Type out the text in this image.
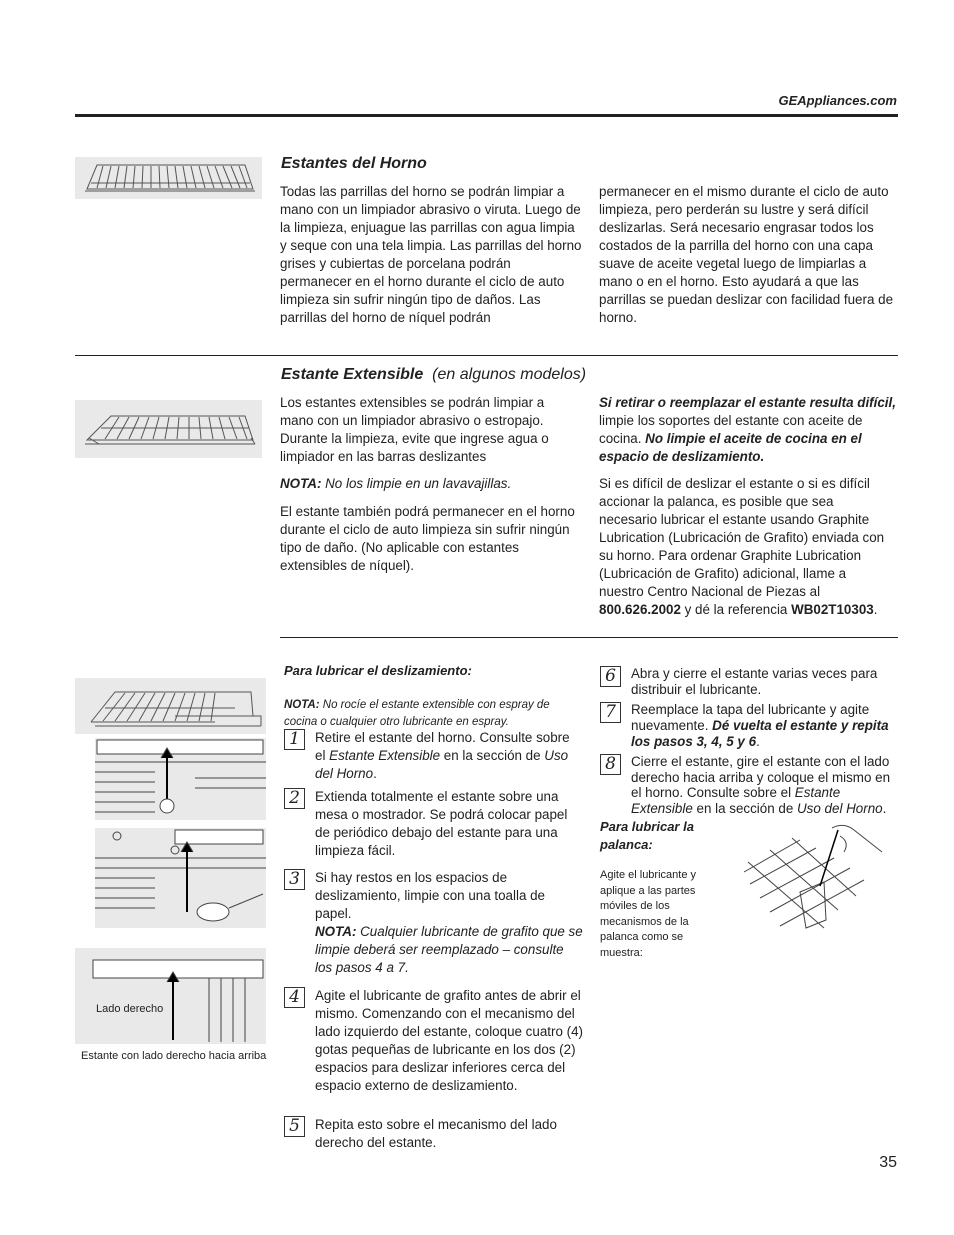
GEAppliances.com
Estantes del Horno

Todas las parrillas del horno se podrán limpiar a mano con un limpiador abrasivo o viruta. Luego de la limpieza, enjuague las parrillas con agua limpia y seque con una tela limpia. Las parrillas del horno grises y cubiertas de porcelana podrán permanecer en el horno durante el ciclo de auto limpieza sin sufrir ningún tipo de daños. Las parrillas del horno de níquel podrán

permanecer en el mismo durante el ciclo de auto limpieza, pero perderán su lustre y será difícil deslizarlas. Será necesario engrasar todos los costados de la parrilla del horno con una capa suave de aceite vegetal luego de limpiarlas a mano o en el horno. Esto ayudará a que las parrillas se puedan deslizar con facilidad fuera de horno.

Estante Extensible (en algunos modelos)

Los estantes extensibles se podrán limpiar a mano con un limpiador abrasivo o estropajo. Durante la limpieza, evite que ingrese agua o limpiador en las barras deslizantes

NOTA: No los limpie en un lavavajillas.

El estante también podrá permanecer en el horno durante el ciclo de auto limpieza sin sufrir ningún tipo de daño. (No aplicable con estantes extensibles de níquel).

Si retirar o reemplazar el estante resulta difícil, limpie los soportes del estante con aceite de cocina. No limpie el aceite de cocina en el espacio de deslizamiento.

Si es difícil de deslizar el estante o si es difícil accionar la palanca, es posible que sea necesario lubricar el estante usando Graphite Lubrication (Lubricación de Grafito) enviada con su horno. Para ordenar Graphite Lubrication (Lubricación de Grafito) adicional, llame a nuestro Centro Nacional de Piezas al 800.626.2002 y dé la referencia WB02T10303.

Lado derecho
Estante con lado derecho hacia arriba
Para lubricar el deslizamiento:

NOTA: No rocíe el estante extensible con espray de cocina o cualquier otro lubricante en espray.

1	Retire el estante del horno. Consulte sobre el Estante Extensible en la sección de Uso del Horno.

2	Extienda totalmente el estante sobre una mesa o mostrador. Se podrá colocar papel de periódico debajo del estante para una limpieza fácil.

3	Si hay restos en los espacios de deslizamiento, limpie con una toalla de papel.
NOTA: Cualquier lubricante de grafito que se limpie deberá ser reemplazado – consulte los pasos 4 a 7.

4	Agite el lubricante de grafito antes de abrir el mismo. Comenzando con el mecanismo del lado izquierdo del estante, coloque cuatro (4) gotas pequeñas de lubricante en los dos (2) espacios para deslizar inferiores cerca del espacio externo de deslizamiento.

5	Repita esto sobre el mecanismo del lado derecho del estante.

6	Abra y cierre el estante varias veces para distribuir el lubricante.

7	Reemplace la tapa del lubricante y agite nuevamente. Dé vuelta el estante y repita los pasos 3, 4, 5 y 6.

8	Cierre el estante, gire el estante con el lado derecho hacia arriba y coloque el mismo en el horno. Consulte sobre el Estante Extensible en la sección de Uso del Horno.

Para lubricar la palanca:

Agite el lubricante y aplique a las partes móviles de los mecanismos de la palanca como se muestra:

35
